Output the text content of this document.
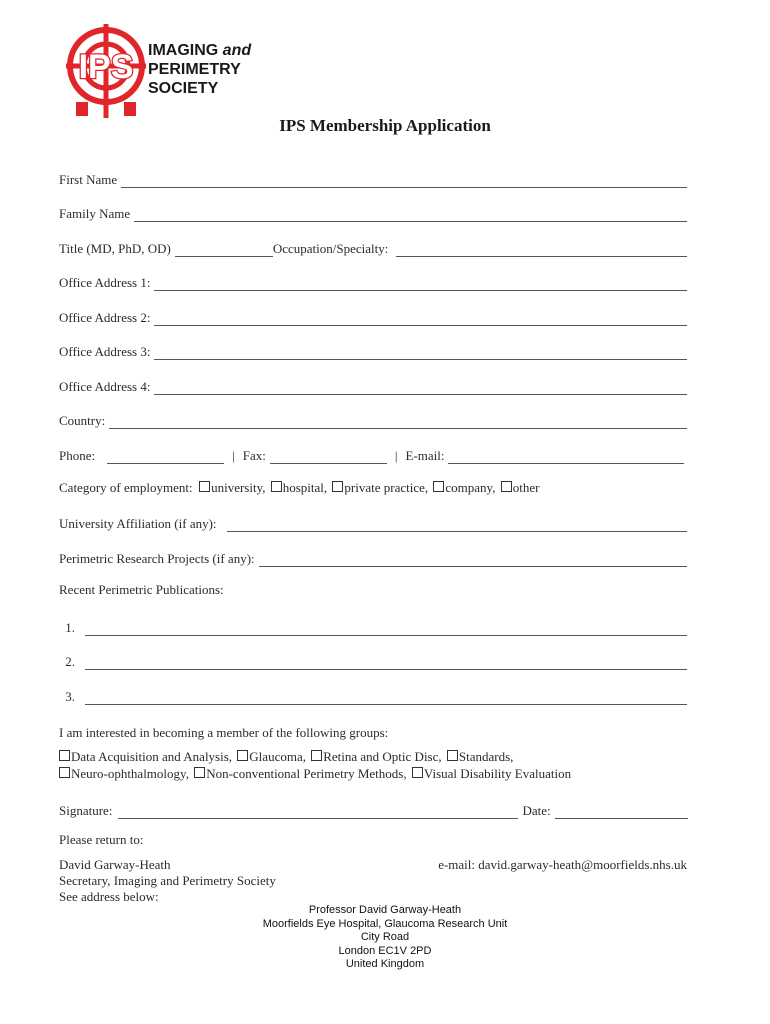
IPS IMAGING and
PERIMETRY
SOCIETY
IPS Membership Application
First Name
Family Name
Title (MD, PhD, OD)	Occupation/Specialty:
Office Address 1:
Office Address 2:
Office Address 3:
Office Address 4:
Country:
Phone:	| Fax:	| E-mail:
Category of employment: university, hospital, private practice, company, other
University Affiliation (if any):
Perimetric Research Projects (if any):
Recent Perimetric Publications:
1.
2.
3.
I am interested in becoming a member of the following groups:
Data Acquisition and Analysis, Glaucoma, Retina and Optic Disc, Standards,
Neuro-ophthalmology, Non-conventional Perimetry Methods, Visual Disability Evaluation
Signature:	Date:
Please return to:
David Garway-Heath	e-mail: david.garway-heath@moorfields.nhs.uk
Secretary, Imaging and Perimetry Society
See address below:
Professor David Garway-Heath
Moorfields Eye Hospital, Glaucoma Research Unit
City Road
London EC1V 2PD
United Kingdom
